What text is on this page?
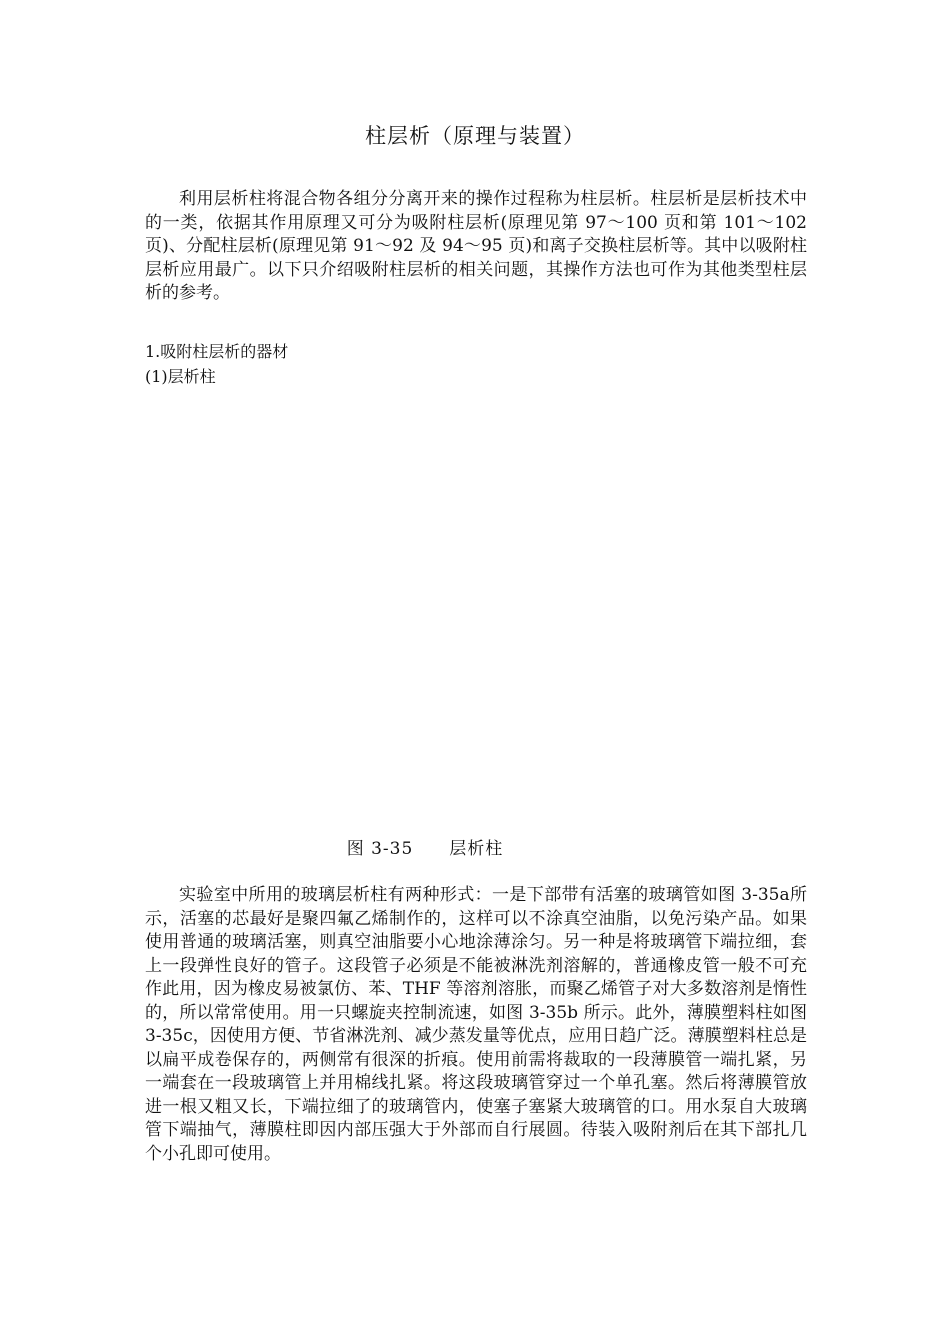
柱层析（原理与装置）

利用层析柱将混合物各组分分离开来的操作过程称为柱层析。柱层析是层析技术中的一类，依据其作用原理又可分为吸附柱层析(原理见第 97～100 页和第 101～102 页)、分配柱层析(原理见第 91～92 及 94～95 页)和离子交换柱层析等。其中以吸附柱层析应用最广。以下只介绍吸附柱层析的相关问题，其操作方法也可作为其他类型柱层析的参考。

1.吸附柱层析的器材

(1)层析柱

图 3-35　　层析柱

实验室中所用的玻璃层析柱有两种形式：一是下部带有活塞的玻璃管如图 3-35a所示，活塞的芯最好是聚四氟乙烯制作的，这样可以不涂真空油脂，以免污染产品。如果使用普通的玻璃活塞，则真空油脂要小心地涂薄涂匀。另一种是将玻璃管下端拉细，套上一段弹性良好的管子。这段管子必须是不能被淋洗剂溶解的，普通橡皮管一般不可充作此用，因为橡皮易被氯仿、苯、THF 等溶剂溶胀，而聚乙烯管子对大多数溶剂是惰性的，所以常常使用。用一只螺旋夹控制流速，如图 3-35b 所示。此外，薄膜塑料柱如图 3-35c，因使用方便、节省淋洗剂、减少蒸发量等优点，应用日趋广泛。薄膜塑料柱总是以扁平成卷保存的，两侧常有很深的折痕。使用前需将裁取的一段薄膜管一端扎紧，另一端套在一段玻璃管上并用棉线扎紧。将这段玻璃管穿过一个单孔塞。然后将薄膜管放进一根又粗又长，下端拉细了的玻璃管内，使塞子塞紧大玻璃管的口。用水泵自大玻璃管下端抽气，薄膜柱即因内部压强大于外部而自行展圆。待装入吸附剂后在其下部扎几个小孔即可使用。
